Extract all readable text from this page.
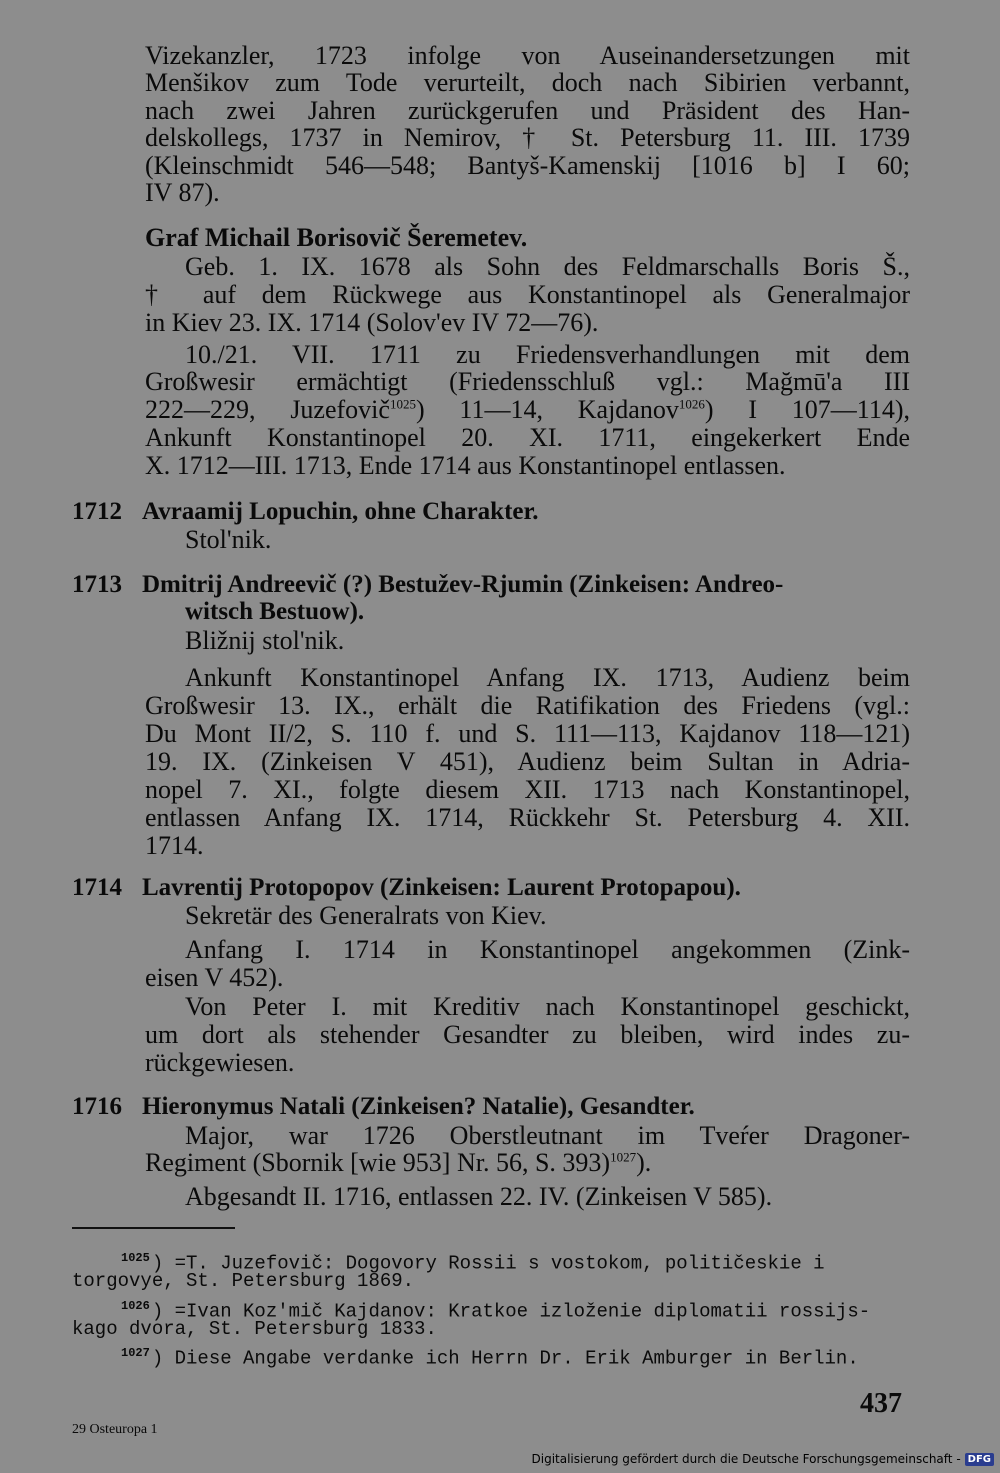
Vizekanzler, 1723 infolge von Auseinandersetzungen mit

Menšikov zum Tode verurteilt, doch nach Sibirien verbannt,

nach zwei Jahren zurückgerufen und Präsident des Han-

delskollegs, 1737 in Nemirov, † St. Petersburg 11. III. 1739

(Kleinschmidt 546—548; Bantyš-Kamenskij [1016 b] I 60;

IV 87).

Graf Michail Borisovič Šeremetev.

Geb. 1. IX. 1678 als Sohn des Feldmarschalls Boris Š.,

† auf dem Rückwege aus Konstantinopel als Generalmajor

in Kiev 23. IX. 1714 (Solov'ev IV 72—76).

10./21. VII. 1711 zu Friedensverhandlungen mit dem

Großwesir ermächtigt (Friedensschluß vgl.: Mağmū'a III

222—229, Juzefovič$^{1025}$) 11—14, Kajdanov$^{1026}$) I 107—114),

Ankunft Konstantinopel 20. XI. 1711, eingekerkert Ende

X. 1712—III. 1713, Ende 1714 aus Konstantinopel entlassen.

1712 Avraamij Lopuchin, ohne Charakter.

Stol'nik.

1713 Dmitrij Andreevič (?) Bestužev-Rjumin (Zinkeisen: Andreo-

witsch Bestuow).

Bližnij stol'nik.

Ankunft Konstantinopel Anfang IX. 1713, Audienz beim

Großwesir 13. IX., erhält die Ratifikation des Friedens (vgl.:

Du Mont II/2, S. 110 f. und S. 111—113, Kajdanov 118—121)

19. IX. (Zinkeisen V 451), Audienz beim Sultan in Adria-

nopel 7. XI., folgte diesem XII. 1713 nach Konstantinopel,

entlassen Anfang IX. 1714, Rückkehr St. Petersburg 4. XII.

1714.

1714 Lavrentij Protopopov (Zinkeisen: Laurent Protopapou).

Sekretär des Generalrats von Kiev.

Anfang I. 1714 in Konstantinopel angekommen (Zink-

eisen V 452).

Von Peter I. mit Kreditiv nach Konstantinopel geschickt,

um dort als stehender Gesandter zu bleiben, wird indes zu-

rückgewiesen.

1716 Hieronymus Natali (Zinkeisen? Natalie), Gesandter.

Major, war 1726 Oberstleutnant im Tveŕer Dragoner-

Regiment (Sbornik [wie 953] Nr. 56, S. 393)$^{1027}$).

Abgesandt II. 1716, entlassen 22. IV. (Zinkeisen V 585).

$^{1025}$ ) =T. Juzefovič: Dogovory Rossii s vostokom, političeskie i

torgovye, St. Petersburg 1869.

$^{1026}$ ) =Ivan Koz'mič Kajdanov: Kratkoe izloženie diplomatii rossijs-

kago dvora, St. Petersburg 1833.

$^{1027}$ ) Diese Angabe verdanke ich Herrn Dr. Erik Amburger in Berlin.

437
29 Osteuropa 1
Digitalisierung gefördert durch die Deutsche Forschungsgemeinschaft - DFG
